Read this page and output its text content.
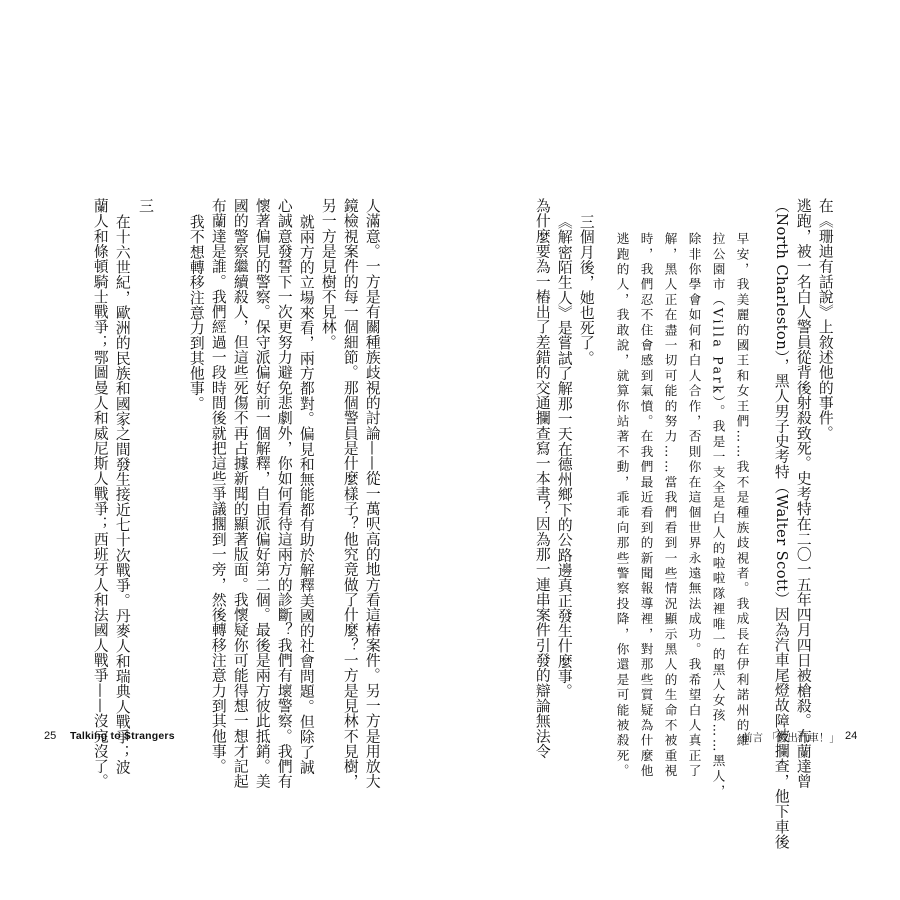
在《珊迪有話說》上敘述他的事件。
逃跑，被一名白人警員從背後射殺致死。史考特在二〇一五年四月四日被槍殺。布蘭達曾
（North Charleston），黑人男子史考特（Walter Scott）因為汽車尾燈故障被攔查，他下車後
早安，我美麗的國王和女王們……我不是種族歧視者。我成長在伊利諾州的維
拉公園市（Villa Park）。我是一支全是白人的啦啦隊裡唯一的黑人女孩……黑人，
除非你學會如何和白人合作，否則你在這個世界永遠無法成功。我希望白人真正了
解，黑人正在盡一切可能的努力……當我們看到一些情況顯示黑人的生命不被重視
時，我們忍不住會感到氣憤。在我們最近看到的新聞報導裡，對那些質疑為什麼他
逃跑的人，我敢說，就算你站著不動，乖乖向那些警察投降，你還是可能被殺死。
三個月後，她也死了。
《解密陌生人》是嘗試了解那一天在德州鄉下的公路邊真正發生什麼事。
為什麼要為一樁出了差錯的交通攔查寫一本書？因為那一連串案件引發的辯論無法令	前言 「跨出汽車！」 24
人滿意。一方是有關種族歧視的討論——從一萬呎高的地方看這椿案件。另一方是用放大
鏡檢視案件的每一個細節。那個警員是什麼樣子？他究竟做了什麼？一方是見林不見樹，
另一方是見樹不見林。
就兩方的立場來看，兩方都對。偏見和無能都有助於解釋美國的社會問題。但除了誠
心誠意發誓下一次更努力避免悲劇外，你如何看待這兩方的診斷？我們有壞警察。我們有
懷著偏見的警察。保守派偏好前一個解釋，自由派偏好第二個。最後是兩方彼此抵銷。美
國的警察繼續殺人，但這些死傷不再占據新聞的顯著版面。我懷疑你可能得想一想才記起
布蘭達是誰。我們經過一段時間後就把這些爭議擱到一旁，然後轉移注意力到其他事。
我不想轉移注意力到其他事。
三
在十六世紀，歐洲的民族和國家之間發生接近七十次戰爭。丹麥人和瑞典人戰爭；波
蘭人和條頓騎士戰爭；鄂圖曼人和威尼斯人戰爭；西班牙人和法國人戰爭——沒完沒了。
25 Talking to Strangers
